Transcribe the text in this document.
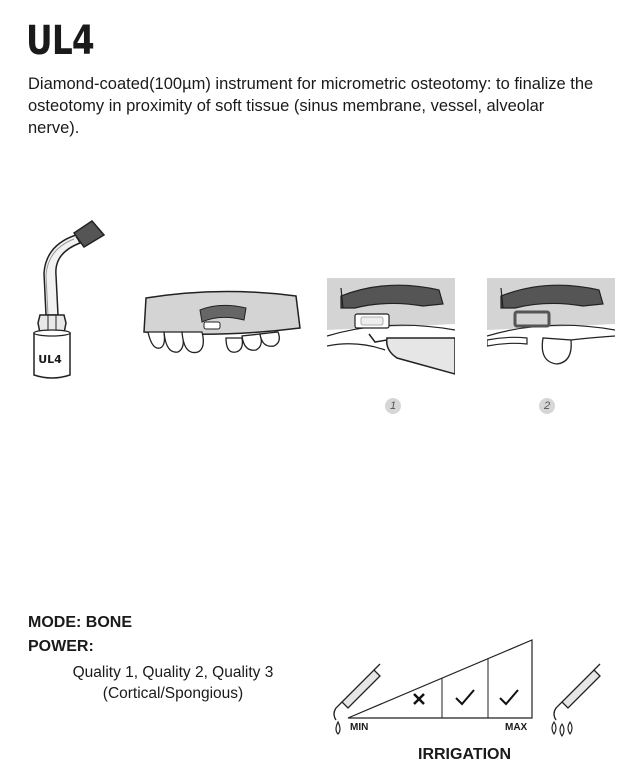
UL4
Diamond-coated(100µm) instrument for micrometric osteotomy: to finalize the osteotomy in proximity of soft tissue (sinus membrane, vessel, alveolar nerve).
UL4
1	2
MODE: BONE
POWER:
Quality 1, Quality 2, Quality 3
(Cortical/Spongious)
MIN	MAX
IRRIGATION
